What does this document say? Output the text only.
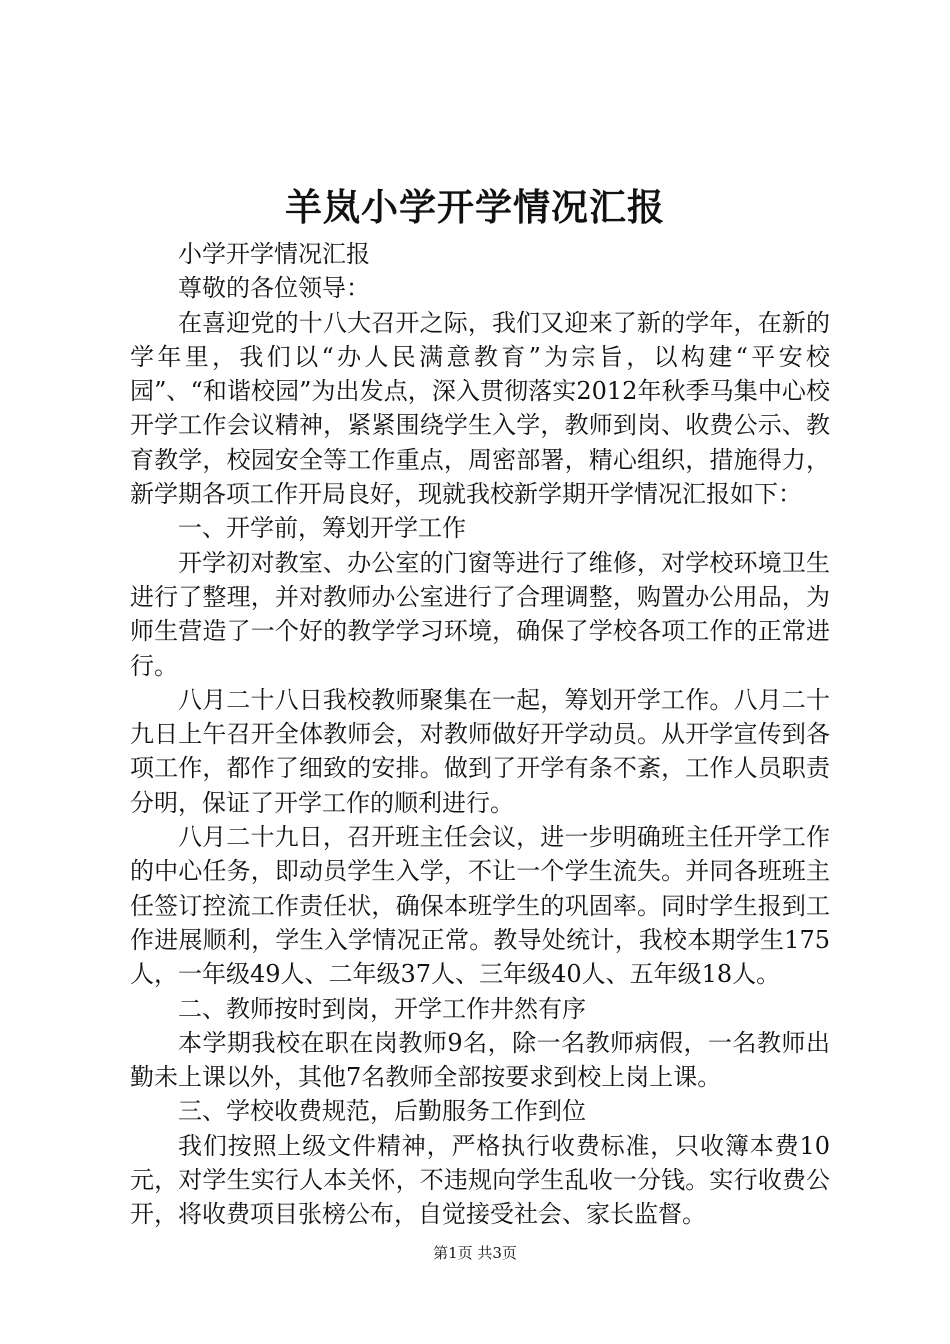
羊岚小学开学情况汇报

小学开学情况汇报

尊敬的各位领导：

在喜迎党的十八大召开之际，我们又迎来了新的学年，在新的学年里，我们以“办人民满意教育”为宗旨，以构建“平安校园”、“和谐校园”为出发点，深入贯彻落实2012年秋季马集中心校开学工作会议精神，紧紧围绕学生入学，教师到岗、收费公示、教育教学，校园安全等工作重点，周密部署，精心组织，措施得力，新学期各项工作开局良好，现就我校新学期开学情况汇报如下：

一、开学前，筹划开学工作

开学初对教室、办公室的门窗等进行了维修，对学校环境卫生进行了整理，并对教师办公室进行了合理调整，购置办公用品，为师生营造了一个好的教学学习环境，确保了学校各项工作的正常进行。

八月二十八日我校教师聚集在一起，筹划开学工作。八月二十九日上午召开全体教师会，对教师做好开学动员。从开学宣传到各项工作，都作了细致的安排。做到了开学有条不紊，工作人员职责分明，保证了开学工作的顺利进行。

八月二十九日，召开班主任会议，进一步明确班主任开学工作的中心任务，即动员学生入学，不让一个学生流失。并同各班班主任签订控流工作责任状，确保本班学生的巩固率。同时学生报到工作进展顺利，学生入学情况正常。教导处统计，我校本期学生175人，一年级49人、二年级37人、三年级40人、五年级18人。

二、教师按时到岗，开学工作井然有序

本学期我校在职在岗教师9名，除一名教师病假，一名教师出勤未上课以外，其他7名教师全部按要求到校上岗上课。

三、学校收费规范，后勤服务工作到位

我们按照上级文件精神，严格执行收费标准，只收簿本费10元，对学生实行人本关怀，不违规向学生乱收一分钱。实行收费公开，将收费项目张榜公布，自觉接受社会、家长监督。

第1页 共3页
